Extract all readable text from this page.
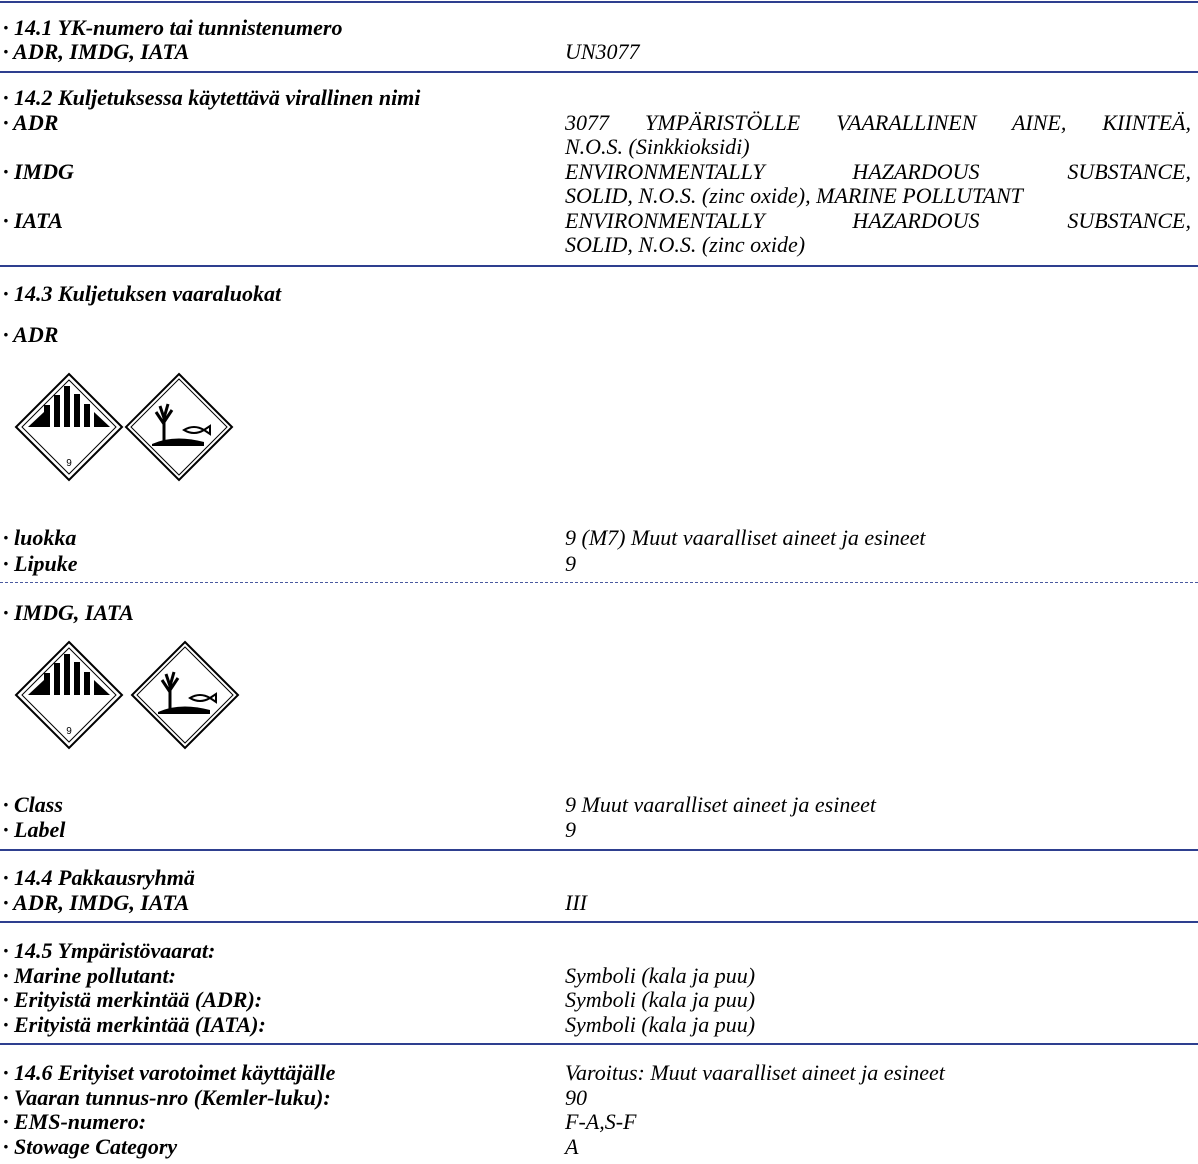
· 14.1 YK-numero tai tunnistenumero
· ADR, IMDG, IATA	UN3077
· 14.2 Kuljetuksessa käytettävä virallinen nimi
· ADR	3077 YMPÄRISTÖLLE VAARALLINEN AINE, KIINTEÄ,
N.O.S. (Sinkkioksidi)
· IMDG	ENVIRONMENTALLY HAZARDOUS SUBSTANCE,
SOLID, N.O.S. (zinc oxide), MARINE POLLUTANT
· IATA	ENVIRONMENTALLY HAZARDOUS SUBSTANCE,
SOLID, N.O.S. (zinc oxide)
· 14.3 Kuljetuksen vaaraluokat
· ADR
9
· luokka	9 (M7) Muut vaaralliset aineet ja esineet
· Lipuke	9
· IMDG, IATA
9
· Class	9 Muut vaaralliset aineet ja esineet
· Label	9
· 14.4 Pakkausryhmä
· ADR, IMDG, IATA	III
· 14.5 Ympäristövaarat:
· Marine pollutant:	Symboli (kala ja puu)
· Erityistä merkintää (ADR):	Symboli (kala ja puu)
· Erityistä merkintää (IATA):	Symboli (kala ja puu)
· 14.6 Erityiset varotoimet käyttäjälle	Varoitus: Muut vaaralliset aineet ja esineet
· Vaaran tunnus-nro (Kemler-luku):	90
· EMS-numero:	F-A,S-F
· Stowage Category	A
